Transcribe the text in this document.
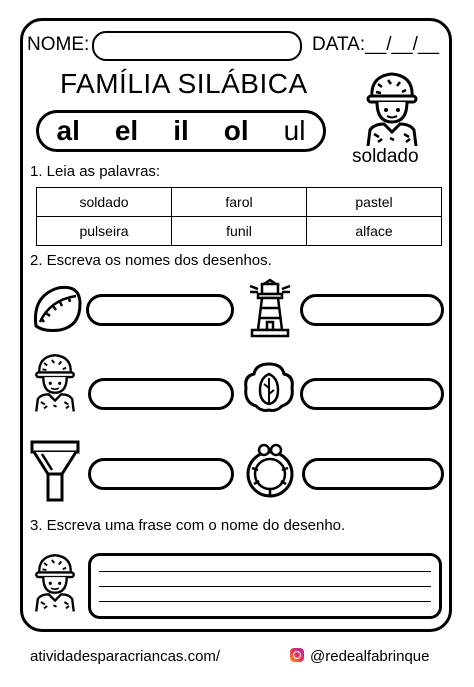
NOME:	DATA:__/__/__
FAMÍLIA SILÁBICA
al el il ol ul
soldado
1. Leia as palavras:
soldado	farol	pastel
pulseira	funil	alface
2. Escreva os nomes dos desenhos.
3. Escreva uma frase com o nome do desenho.
atividadesparacriancas.com/	@redealfabrinque
